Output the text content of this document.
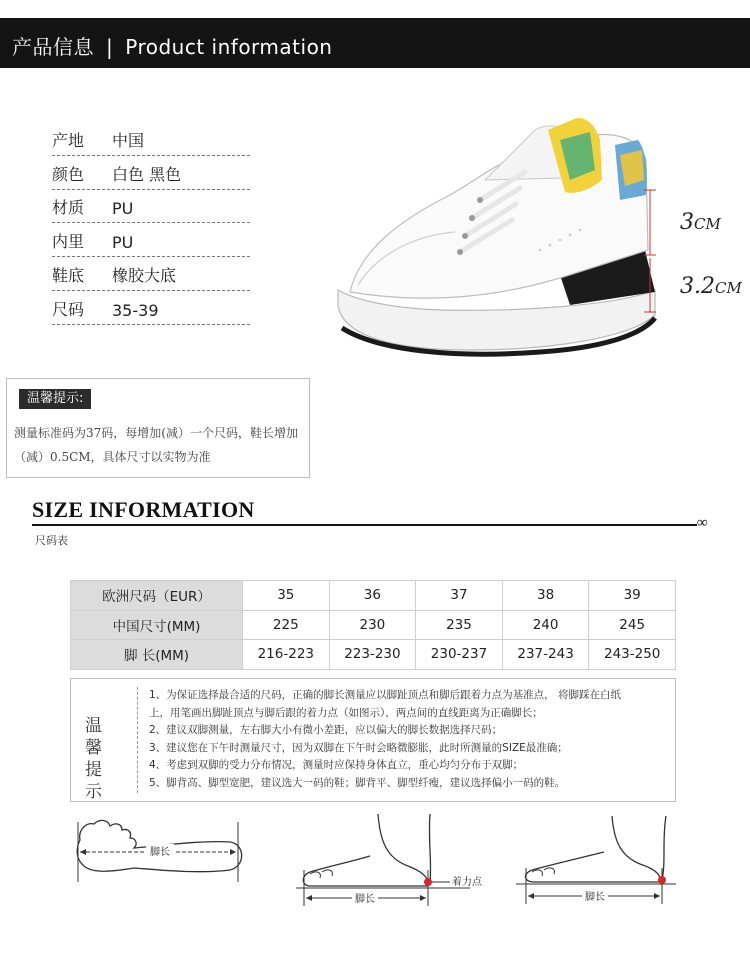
产品信息 | Product information
产地	中国
颜色	白色 黑色
材质	PU
内里	PU
鞋底	橡胶大底
尺码	35-39
3CM
3.2CM
温馨提示:
测量标准码为37码，每增加(减）一个尺码，鞋长增加（减）0.5CM，具体尺寸以实物为准
SIZE INFORMATION
∞
尺码表
欧洲尺码（EUR）	35	36	37	38	39
中国尺寸(MM)	225	230	235	240	245
脚 长(MM)	216-223	223-230	230-237	237-243	243-250
温 馨 提 示
1、为保证选择最合适的尺码，正确的脚长测量应以脚趾顶点和脚后跟着力点为基准点， 将脚踩在白纸
上，用笔画出脚趾顶点与脚后跟的着力点（如图示），两点间的直线距离为正确脚长；
2、建议双脚测量，左右脚大小有微小差距，应以偏大的脚长数据选择尺码；
3、建议您在下午时测量尺寸，因为双脚在下午时会略微膨胀，此时所测量的SIZE最准确；
4、考虑到双脚的受力分布情况，测量时应保持身体直立，重心均匀分布于双脚；
5、脚背高、脚型宽肥，建议选大一码的鞋；脚背平、脚型纤瘦，建议选择偏小一码的鞋。
脚长
脚长
着力点
脚长
